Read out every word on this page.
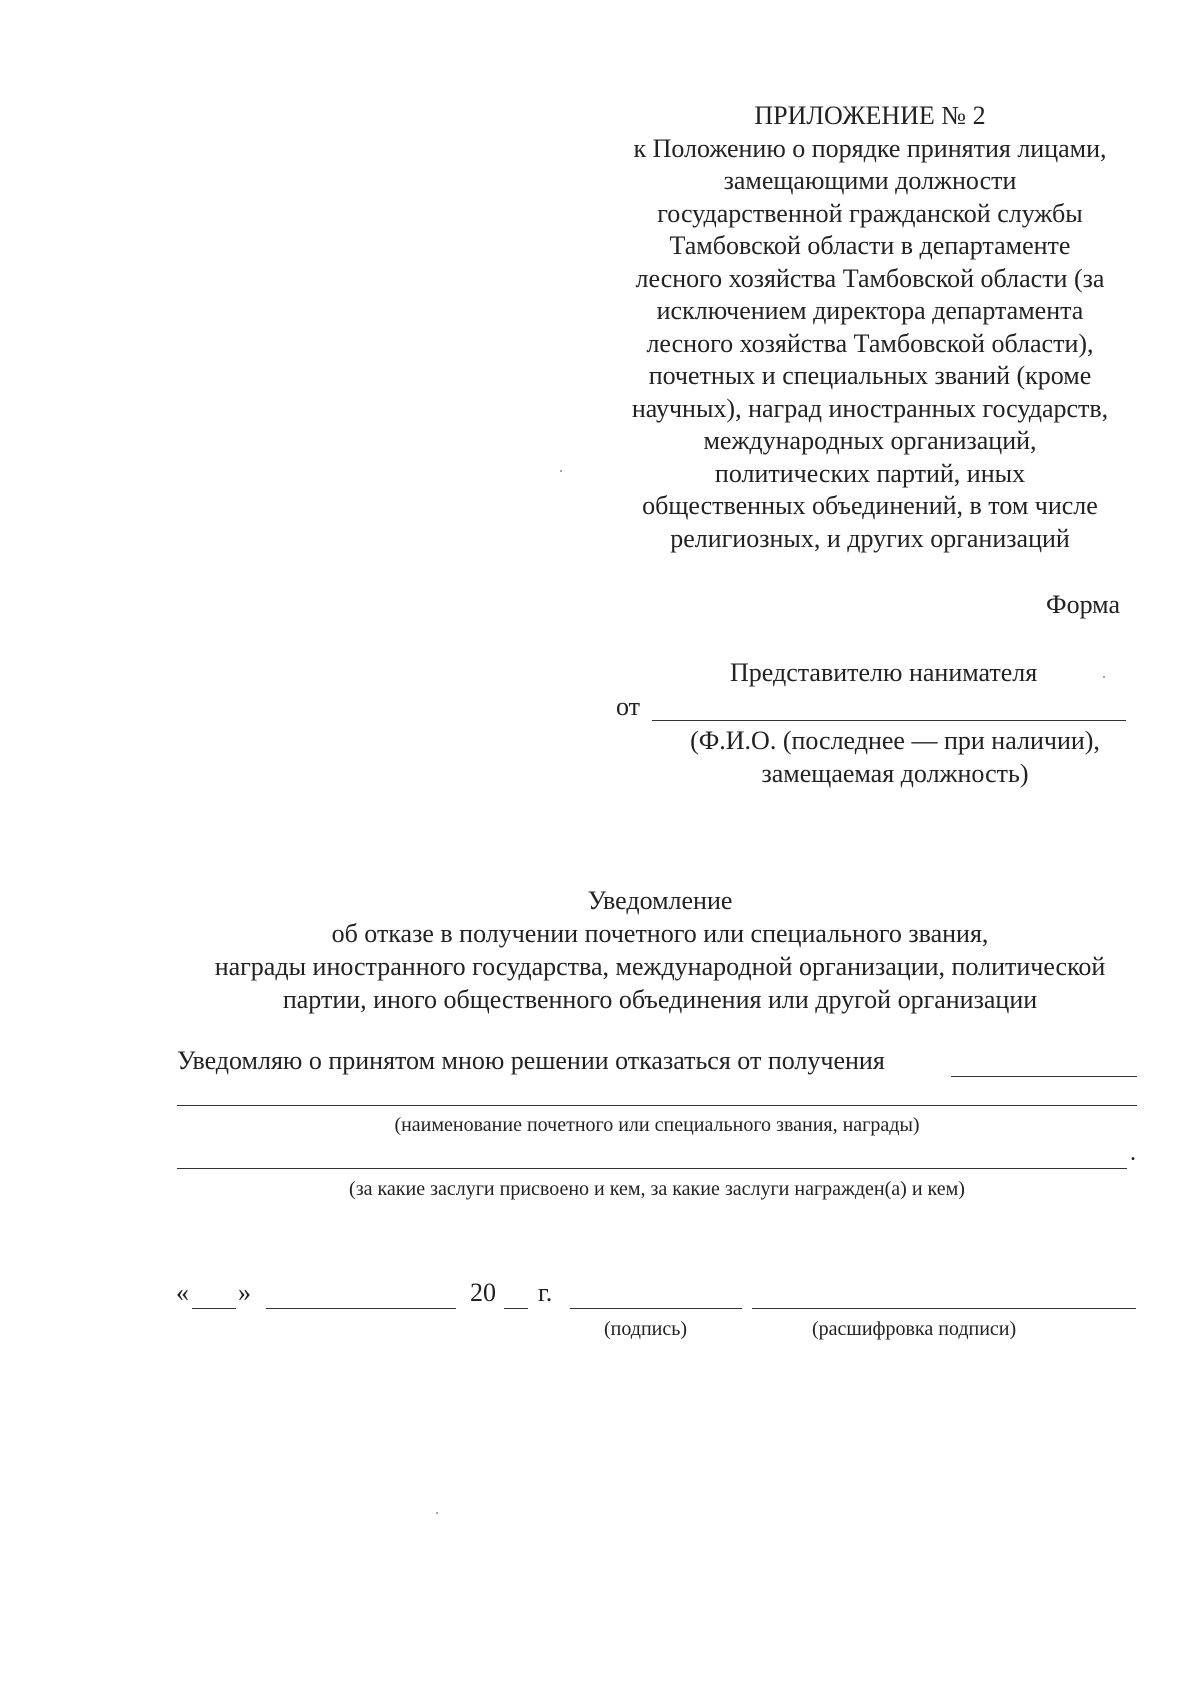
ПРИЛОЖЕНИЕ № 2
к Положению о порядке принятия лицами,
замещающими должности
государственной гражданской службы
Тамбовской области в департаменте
лесного хозяйства Тамбовской области (за
исключением директора департамента
лесного хозяйства Тамбовской области),
почетных и специальных званий (кроме
научных), наград иностранных государств,
международных организаций,
политических партий, иных
общественных объединений, в том числе
религиозных, и других организаций
Форма
Представителю нанимателя
от
(Ф.И.О. (последнее — при наличии),
замещаемая должность)
Уведомление
об отказе в получении почетного или специального звания,
награды иностранного государства, международной организации, политической
партии, иного общественного объединения или другой организации
Уведомляю о принятом мною решении отказаться от получения
(наименование почетного или специального звания, награды)
.
(за какие заслуги присвоено и кем, за какие заслуги награжден(а) и кем)
« »	20 г.
(подпись)	(расшифровка подписи)
